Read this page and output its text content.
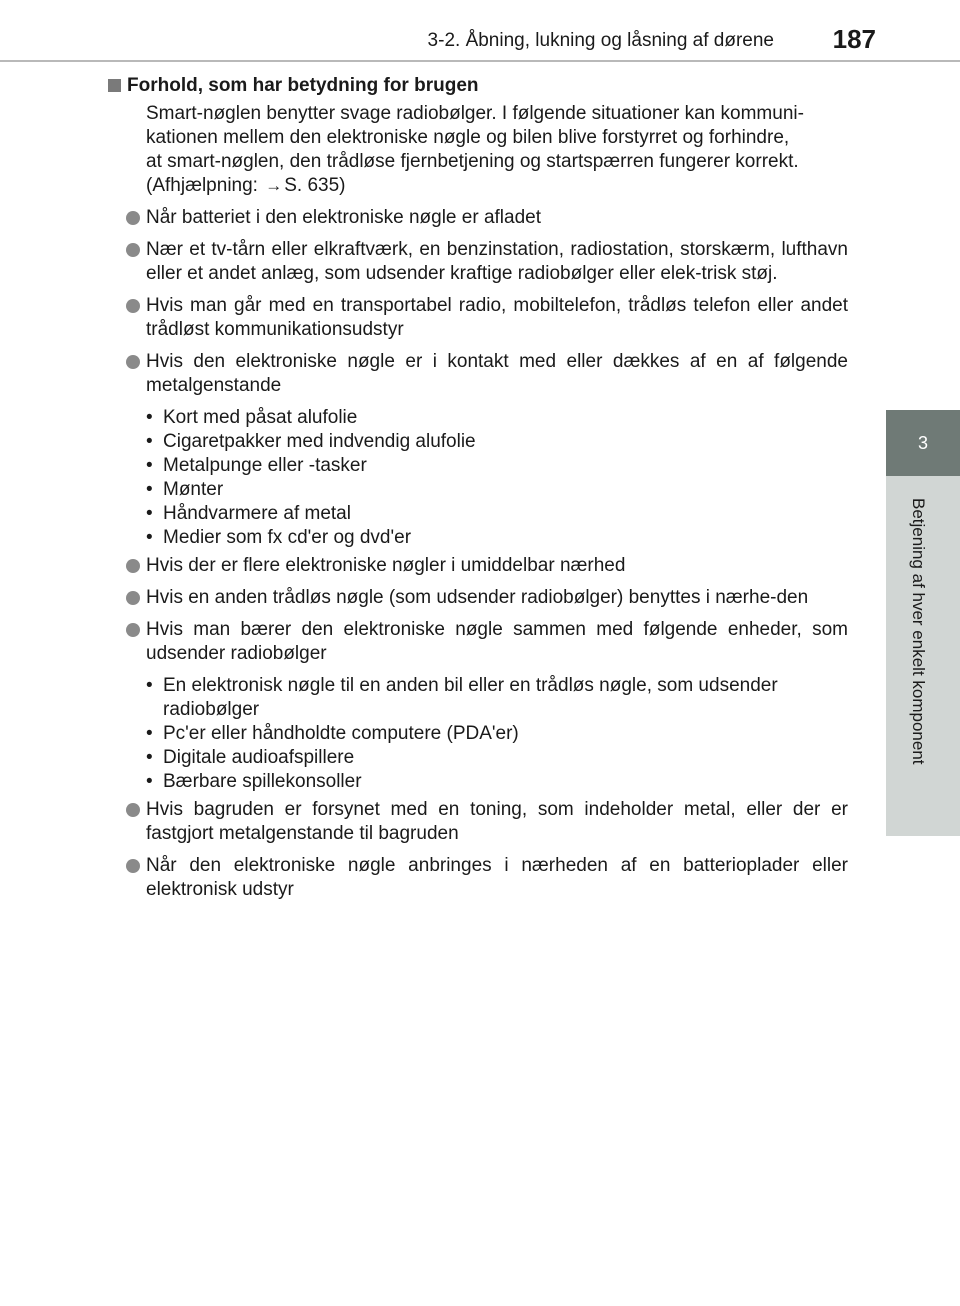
3-2. Åbning, lukning og låsning af dørene 187
3
Betjening af hver enkelt komponent
Forhold, som har betydning for brugen
Smart-nøglen benytter svage radiobølger. I følgende situationer kan kommuni-
kationen mellem den elektroniske nøgle og bilen blive forstyrret og forhindre,
at smart-nøglen, den trådløse fjernbetjening og startspærren fungerer korrekt.
(Afhjælpning: → S. 635)
Når batteriet i den elektroniske nøgle er afladet
Nær et tv-tårn eller elkraftværk, en benzinstation, radiostation, storskærm, lufthavn eller et andet anlæg, som udsender kraftige radiobølger eller elek-trisk støj.
Hvis man går med en transportabel radio, mobiltelefon, trådløs telefon eller andet trådløst kommunikationsudstyr
Hvis den elektroniske nøgle er i kontakt med eller dækkes af en af følgende metalgenstande
• Kort med påsat alufolie
• Cigaretpakker med indvendig alufolie
• Metalpunge eller -tasker
• Mønter
• Håndvarmere af metal
• Medier som fx cd'er og dvd'er
Hvis der er flere elektroniske nøgler i umiddelbar nærhed
Hvis en anden trådløs nøgle (som udsender radiobølger) benyttes i nærhe-den
Hvis man bærer den elektroniske nøgle sammen med følgende enheder, som udsender radiobølger
• En elektronisk nøgle til en anden bil eller en trådløs nøgle, som udsender radiobølger
• Pc'er eller håndholdte computere (PDA'er)
• Digitale audioafspillere
• Bærbare spillekonsoller
Hvis bagruden er forsynet med en toning, som indeholder metal, eller der er fastgjort metalgenstande til bagruden
Når den elektroniske nøgle anbringes i nærheden af en batterioplader eller elektronisk udstyr
